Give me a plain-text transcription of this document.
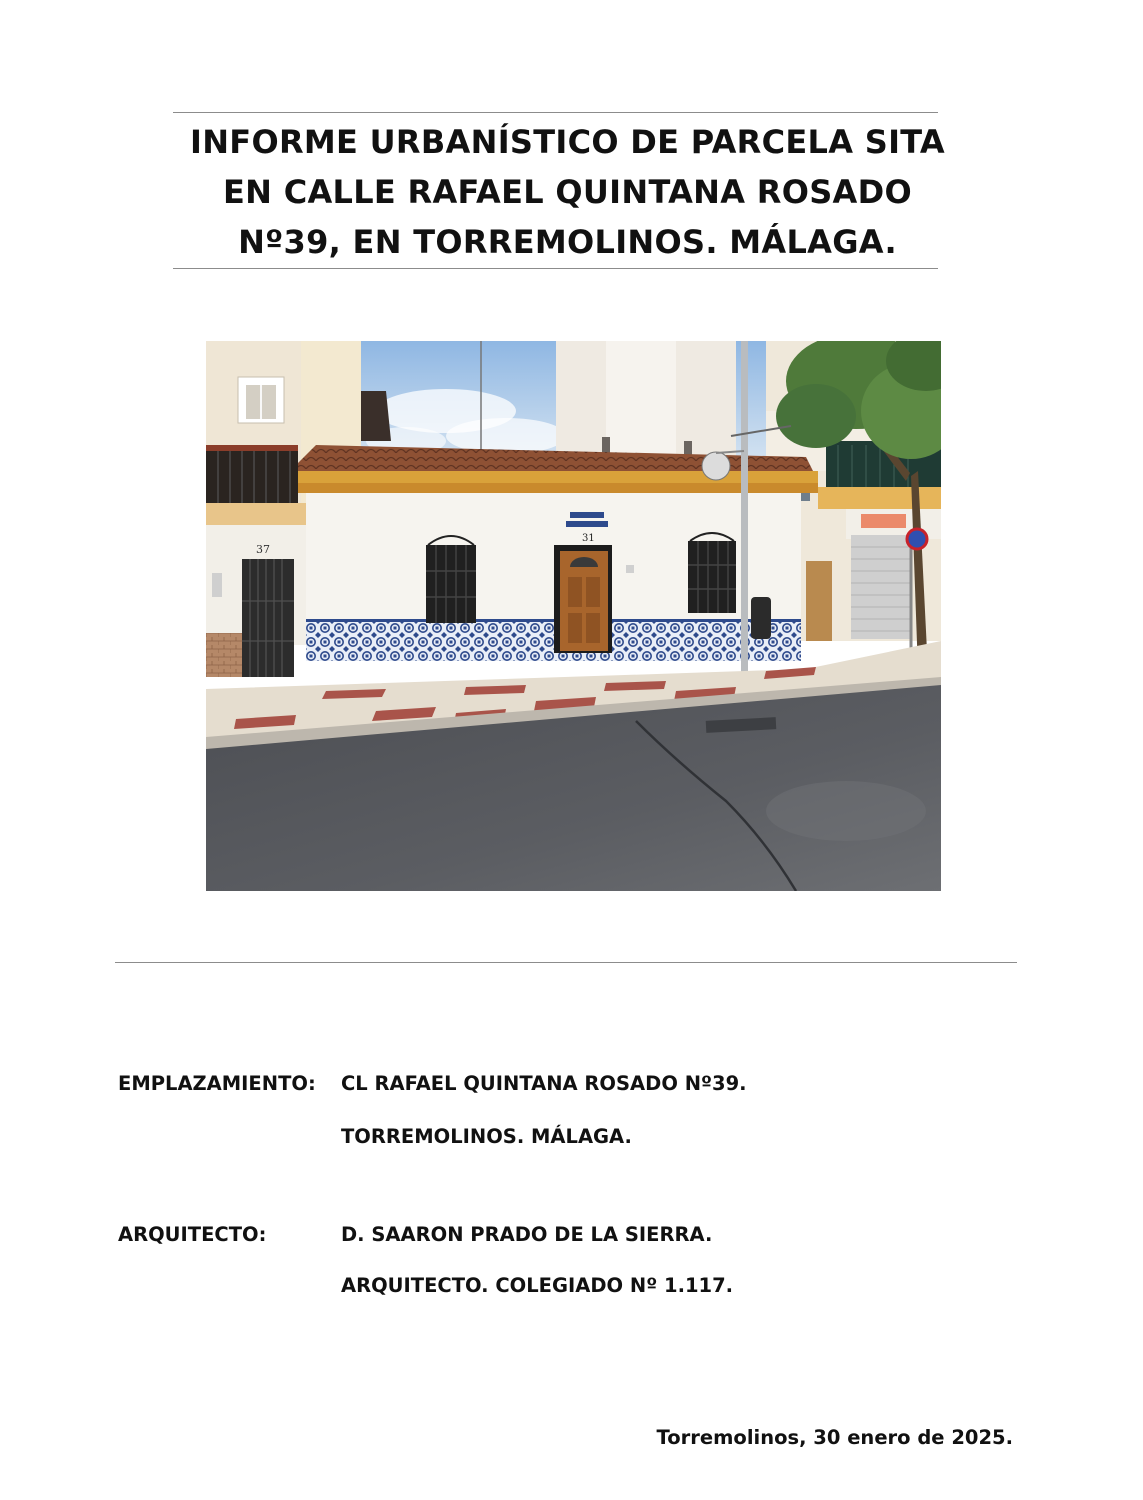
INFORME URBANÍSTICO DE PARCELA SITA
EN CALLE RAFAEL QUINTANA ROSADO
Nº39, EN TORREMOLINOS. MÁLAGA.
37
31
EMPLAZAMIENTO: CL RAFAEL QUINTANA ROSADO Nº39.
TORREMOLINOS. MÁLAGA.
ARQUITECTO:	D. SAARON PRADO DE LA SIERRA.
ARQUITECTO. COLEGIADO Nº 1.117.
Torremolinos, 30 enero de 2025.
